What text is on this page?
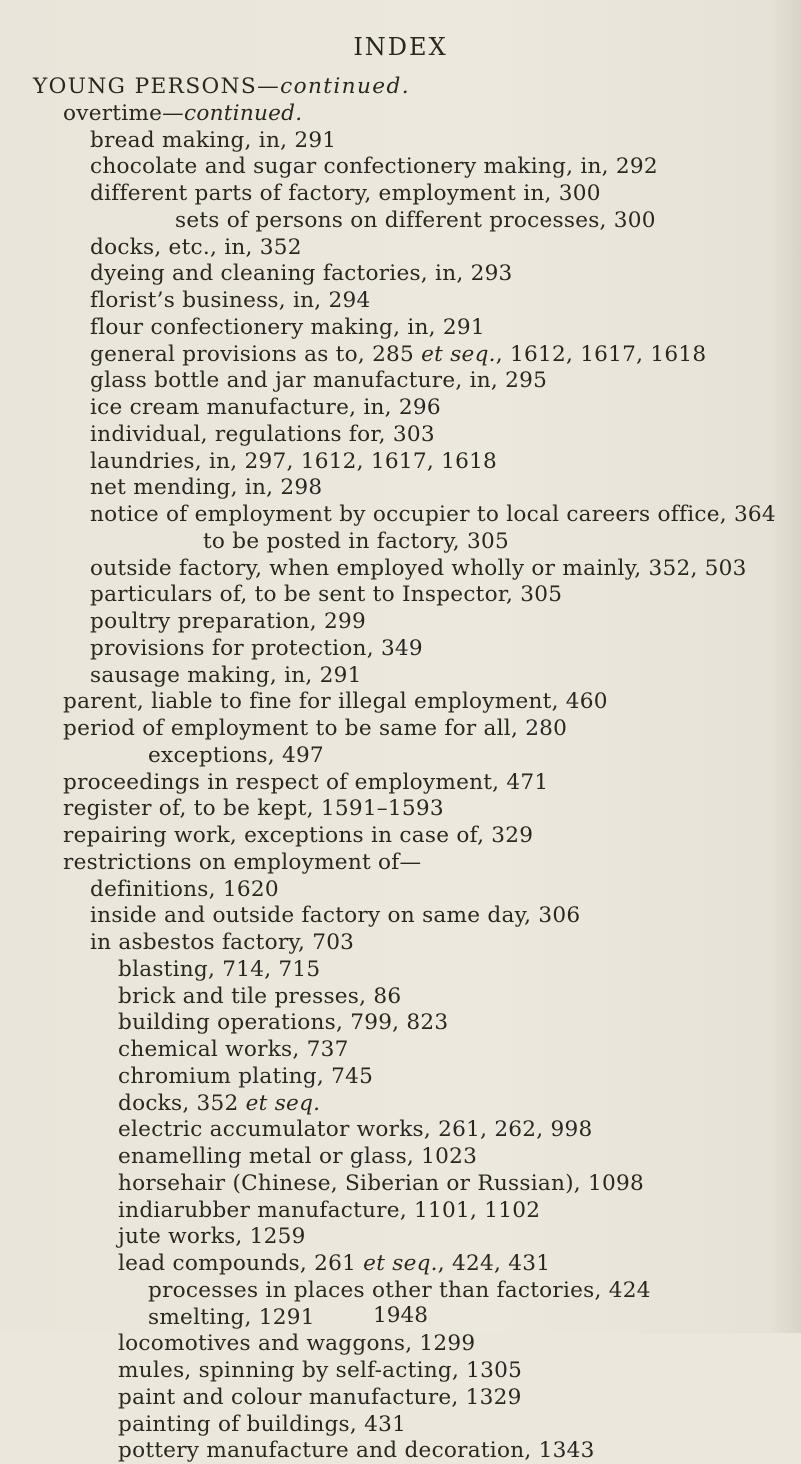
INDEX
YOUNG PERSONS—continued.
overtime—continued.
bread making, in, 291
chocolate and sugar confectionery making, in, 292
different parts of factory, employment in, 300
sets of persons on different processes, 300
docks, etc., in, 352
dyeing and cleaning factories, in, 293
florist’s business, in, 294
flour confectionery making, in, 291
general provisions as to, 285 et seq., 1612, 1617, 1618
glass bottle and jar manufacture, in, 295
ice cream manufacture, in, 296
individual, regulations for, 303
laundries, in, 297, 1612, 1617, 1618
net mending, in, 298
notice of employment by occupier to local careers office, 364
to be posted in factory, 305
outside factory, when employed wholly or mainly, 352, 503
particulars of, to be sent to Inspector, 305
poultry preparation, 299
provisions for protection, 349
sausage making, in, 291
parent, liable to fine for illegal employment, 460
period of employment to be same for all, 280
exceptions, 497
proceedings in respect of employment, 471
register of, to be kept, 1591–1593
repairing work, exceptions in case of, 329
restrictions on employment of—
definitions, 1620
inside and outside factory on same day, 306
in asbestos factory, 703
blasting, 714, 715
brick and tile presses, 86
building operations, 799, 823
chemical works, 737
chromium plating, 745
docks, 352 et seq.
electric accumulator works, 261, 262, 998
enamelling metal or glass, 1023
horsehair (Chinese, Siberian or Russian), 1098
indiarubber manufacture, 1101, 1102
jute works, 1259
lead compounds, 261 et seq., 424, 431
processes in places other than factories, 424
smelting, 1291
locomotives and waggons, 1299
mules, spinning by self-acting, 1305
paint and colour manufacture, 1329
painting of buildings, 431
pottery manufacture and decoration, 1343
1948
